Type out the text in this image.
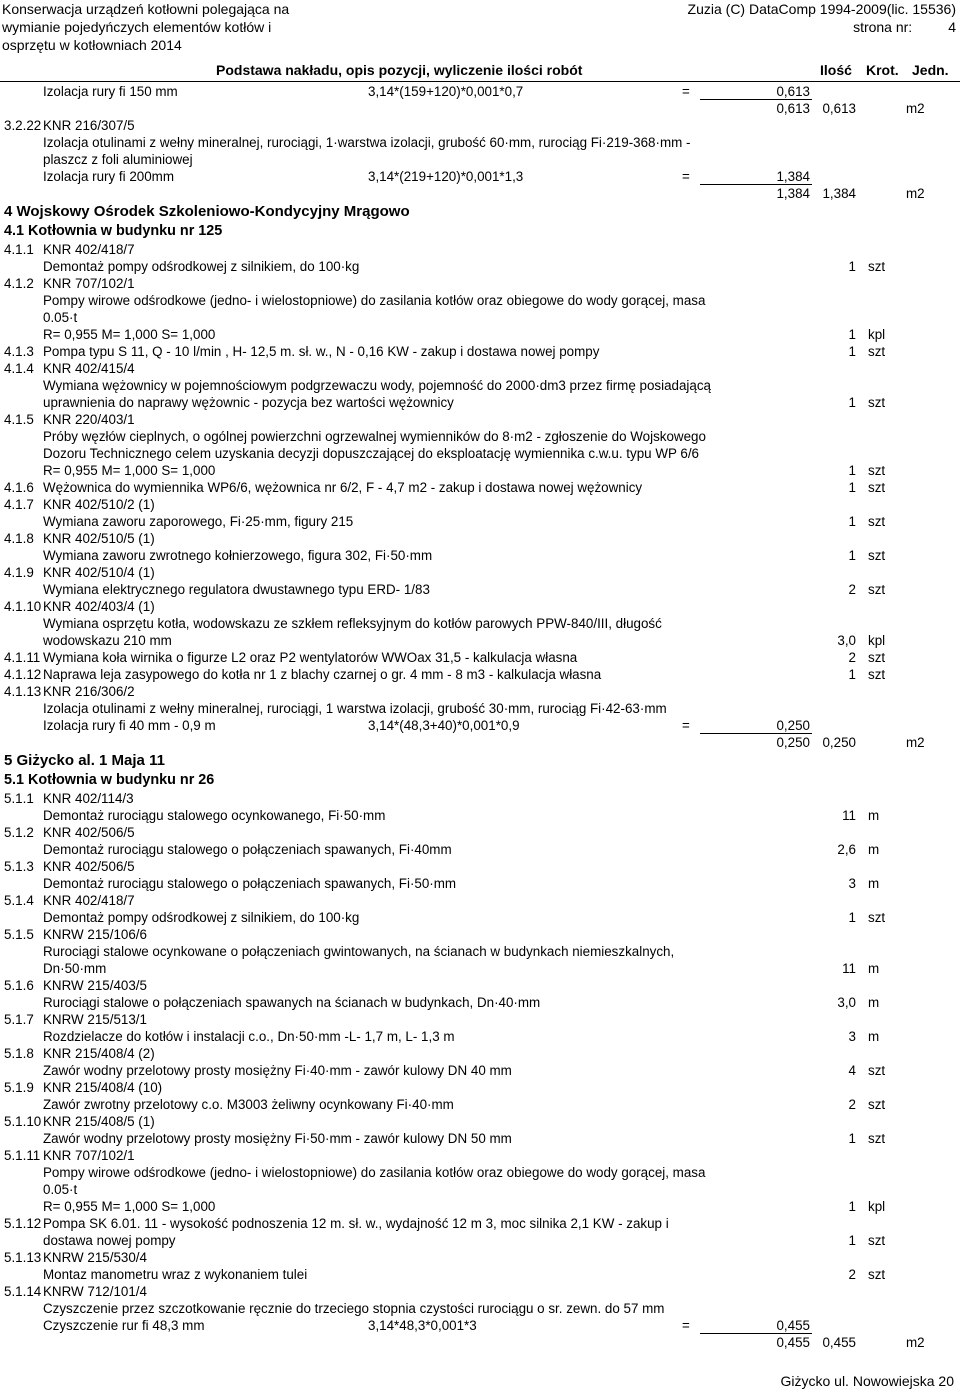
Konserwacja urządzeń kotłowni polegająca na
wymianie pojedyńczych elementów kotłów i
osprzętu w kotłowniach 2014
Zuzia (C) DataComp 1994-2009(lic. 15536)
strona nr:	4
Podstawa nakładu, opis pozycji, wyliczenie ilości robót	Ilość Krot. Jedn.
Izolacja rury fi 150 mm	3,14*(159+120)*0,001*0,7	=	0,613
0,613 0,613	m2
3.2.22 KNR 216/307/5
Izolacja otulinami z wełny mineralnej, rurociągi, 1·warstwa izolacji, grubość 60·mm, rurociąg Fi·219-368·mm -
plaszcz z foli aluminiowej
Izolacja rury fi 200mm	3,14*(219+120)*0,001*1,3	=	1,384
1,384 1,384	m2
4 Wojskowy Ośrodek Szkoleniowo-Kondycyjny Mrągowo
4.1 Kotłownia w budynku nr 125
4.1.1 KNR 402/418/7
Demontaż pompy odśrodkowej z silnikiem, do 100·kg	1 szt
4.1.2 KNR 707/102/1
Pompy wirowe odśrodkowe (jedno- i wielostopniowe) do zasilania kotłów oraz obiegowe do wody gorącej, masa
0.05·t
R= 0,955 M= 1,000 S= 1,000	1 kpl
4.1.3 Pompa typu S 11, Q - 10 l/min , H- 12,5 m. sł. w., N - 0,16 KW - zakup i dostawa nowej pompy	1 szt
4.1.4 KNR 402/415/4
Wymiana wężownicy w pojemnościowym podgrzewaczu wody, pojemność do 2000·dm3 przez firmę posiadającą
uprawnienia do naprawy wężownic - pozycja bez wartości wężownicy	1 szt
4.1.5 KNR 220/403/1
Próby węzłów cieplnych, o ogólnej powierzchni ogrzewalnej wymienników do 8·m2 - zgłoszenie do Wojskowego
Dozoru Technicznego celem uzyskania decyzji dopuszczającej do eksploatację wymiennika c.w.u. typu WP 6/6
R= 0,955 M= 1,000 S= 1,000	1 szt
4.1.6 Wężownica do wymiennika WP6/6, wężownica nr 6/2, F - 4,7 m2 - zakup i dostawa nowej wężownicy	1 szt
4.1.7 KNR 402/510/2 (1)
Wymiana zaworu zaporowego, Fi·25·mm, figury 215	1 szt
4.1.8 KNR 402/510/5 (1)
Wymiana zaworu zwrotnego kołnierzowego, figura 302, Fi·50·mm	1 szt
4.1.9 KNR 402/510/4 (1)
Wymiana elektrycznego regulatora dwustawnego typu ERD- 1/83	2 szt
4.1.10 KNR 402/403/4 (1)
Wymiana osprzętu kotła, wodowskazu ze szkłem refleksyjnym do kotłów parowych PPW-840/III, długość
wodowskazu 210 mm	3,0 kpl
4.1.11 Wymiana koła wirnika o figurze L2 oraz P2 wentylatorów WWOax 31,5 - kalkulacja własna	2 szt
4.1.12 Naprawa leja zasypowego do kotła nr 1 z blachy czarnej o gr. 4 mm - 8 m3 - kalkulacja własna	1 szt
4.1.13 KNR 216/306/2
Izolacja otulinami z wełny mineralnej, rurociągi, 1 warstwa izolacji, grubość 30·mm, rurociąg Fi·42-63·mm
Izolacja rury fi 40 mm - 0,9 m	3,14*(48,3+40)*0,001*0,9	=	0,250
0,250 0,250	m2
5 Giżycko al. 1 Maja 11
5.1 Kotłownia w budynku nr 26
5.1.1 KNR 402/114/3
Demontaż rurociągu stalowego ocynkowanego, Fi·50·mm	11 m
5.1.2 KNR 402/506/5
Demontaż rurociągu stalowego o połączeniach spawanych, Fi·40mm	2,6 m
5.1.3 KNR 402/506/5
Demontaż rurociągu stalowego o połączeniach spawanych, Fi·50·mm	3 m
5.1.4 KNR 402/418/7
Demontaż pompy odśrodkowej z silnikiem, do 100·kg	1 szt
5.1.5 KNRW 215/106/6
Rurociągi stalowe ocynkowane o połączeniach gwintowanych, na ścianach w budynkach niemieszkalnych,
Dn·50·mm	11 m
5.1.6 KNRW 215/403/5
Rurociągi stalowe o połączeniach spawanych na ścianach w budynkach, Dn·40·mm	3,0 m
5.1.7 KNRW 215/513/1
Rozdzielacze do kotłów i instalacji c.o., Dn·50·mm -L- 1,7 m, L- 1,3 m	3 m
5.1.8 KNR 215/408/4 (2)
Zawór wodny przelotowy prosty mosiężny Fi·40·mm - zawór kulowy DN 40 mm	4 szt
5.1.9 KNR 215/408/4 (10)
Zawór zwrotny przelotowy c.o. M3003 żeliwny ocynkowany Fi·40·mm	2 szt
5.1.10 KNR 215/408/5 (1)
Zawór wodny przelotowy prosty mosiężny Fi·50·mm - zawór kulowy DN 50 mm	1 szt
5.1.11 KNR 707/102/1
Pompy wirowe odśrodkowe (jedno- i wielostopniowe) do zasilania kotłów oraz obiegowe do wody gorącej, masa
0.05·t
R= 0,955 M= 1,000 S= 1,000	1 kpl
5.1.12 Pompa SK 6.01. 11 - wysokość podnoszenia 12 m. sł. w., wydajność 12 m 3, moc silnika 2,1 KW - zakup i
dostawa nowej pompy	1 szt
5.1.13 KNRW 215/530/4
Montaz manometru wraz z wykonaniem tulei	2 szt
5.1.14 KNRW 712/101/4
Czyszczenie przez szczotkowanie ręcznie do trzeciego stopnia czystości rurociągu o sr. zewn. do 57 mm
Czyszczenie rur fi 48,3 mm	3,14*48,3*0,001*3	=	0,455
0,455 0,455	m2
Giżycko ul. Nowowiejska 20
